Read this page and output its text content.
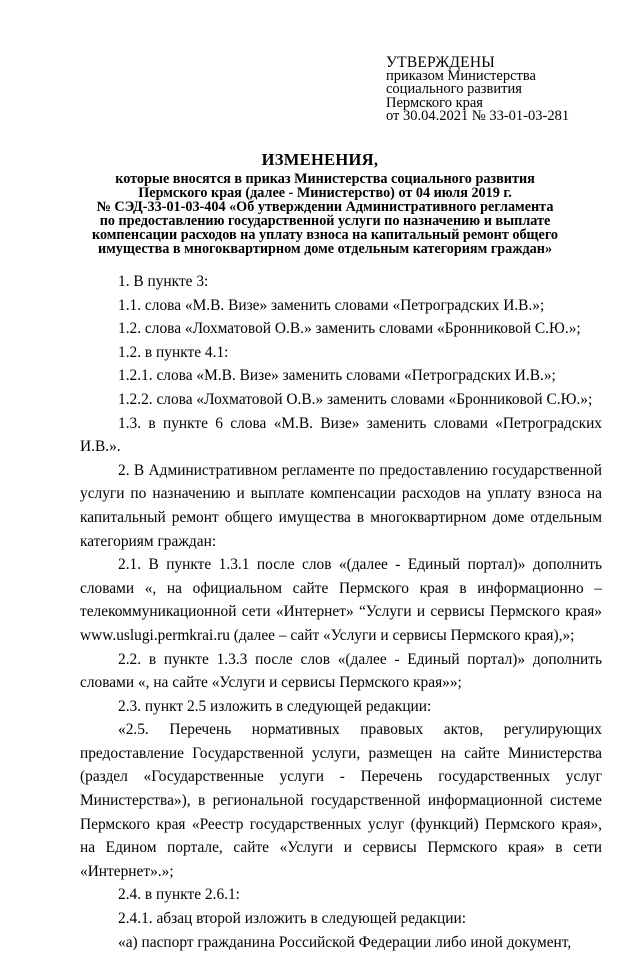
УТВЕРЖДЕНЫ
приказом Министерства
социального развития
Пермского края
от 30.04.2021 № 33-01-03-281
ИЗМЕНЕНИЯ,
которые вносятся в приказ Министерства социального развития
Пермского края (далее - Министерство) от 04 июля 2019 г.
№ СЭД-33-01-03-404 «Об утверждении Административного регламента
по предоставлению государственной услуги по назначению и выплате
компенсации расходов на уплату взноса на капитальный ремонт общего
имущества в многоквартирном доме отдельным категориям граждан»

1. В пункте 3:

1.1. слова «М.В. Визе» заменить словами «Петроградских И.В.»;

1.2. слова «Лохматовой О.В.» заменить словами «Бронниковой С.Ю.»;

1.2. в пункте 4.1:

1.2.1. слова «М.В. Визе» заменить словами «Петроградских И.В.»;

1.2.2. слова «Лохматовой О.В.» заменить словами «Бронниковой С.Ю.»;

1.3. в пункте 6 слова «М.В. Визе» заменить словами «Петроградских И.В.».

2. В Административном регламенте по предоставлению государственной услуги по назначению и выплате компенсации расходов на уплату взноса на капитальный ремонт общего имущества в многоквартирном доме отдельным категориям граждан:

2.1. В пункте 1.3.1 после слов «(далее - Единый портал)» дополнить словами «, на официальном сайте Пермского края в информационно – телекоммуникационной сети «Интернет» “Услуги и сервисы Пермского края» www.uslugi.permkrai.ru (далее – сайт «Услуги и сервисы Пермского края),»;

2.2. в пункте 1.3.3 после слов «(далее - Единый портал)» дополнить словами «, на сайте «Услуги и сервисы Пермского края»»;

2.3. пункт 2.5 изложить в следующей редакции:

«2.5. Перечень нормативных правовых актов, регулирующих предоставление Государственной услуги, размещен на сайте Министерства (раздел «Государственные услуги - Перечень государственных услуг Министерства»), в региональной государственной информационной системе Пермского края «Реестр государственных услуг (функций) Пермского края», на Едином портале, сайте «Услуги и сервисы Пермского края» в сети «Интернет».»;

2.4. в пункте 2.6.1:

2.4.1. абзац второй изложить в следующей редакции:

«а) паспорт гражданина Российской Федерации либо иной документ,
